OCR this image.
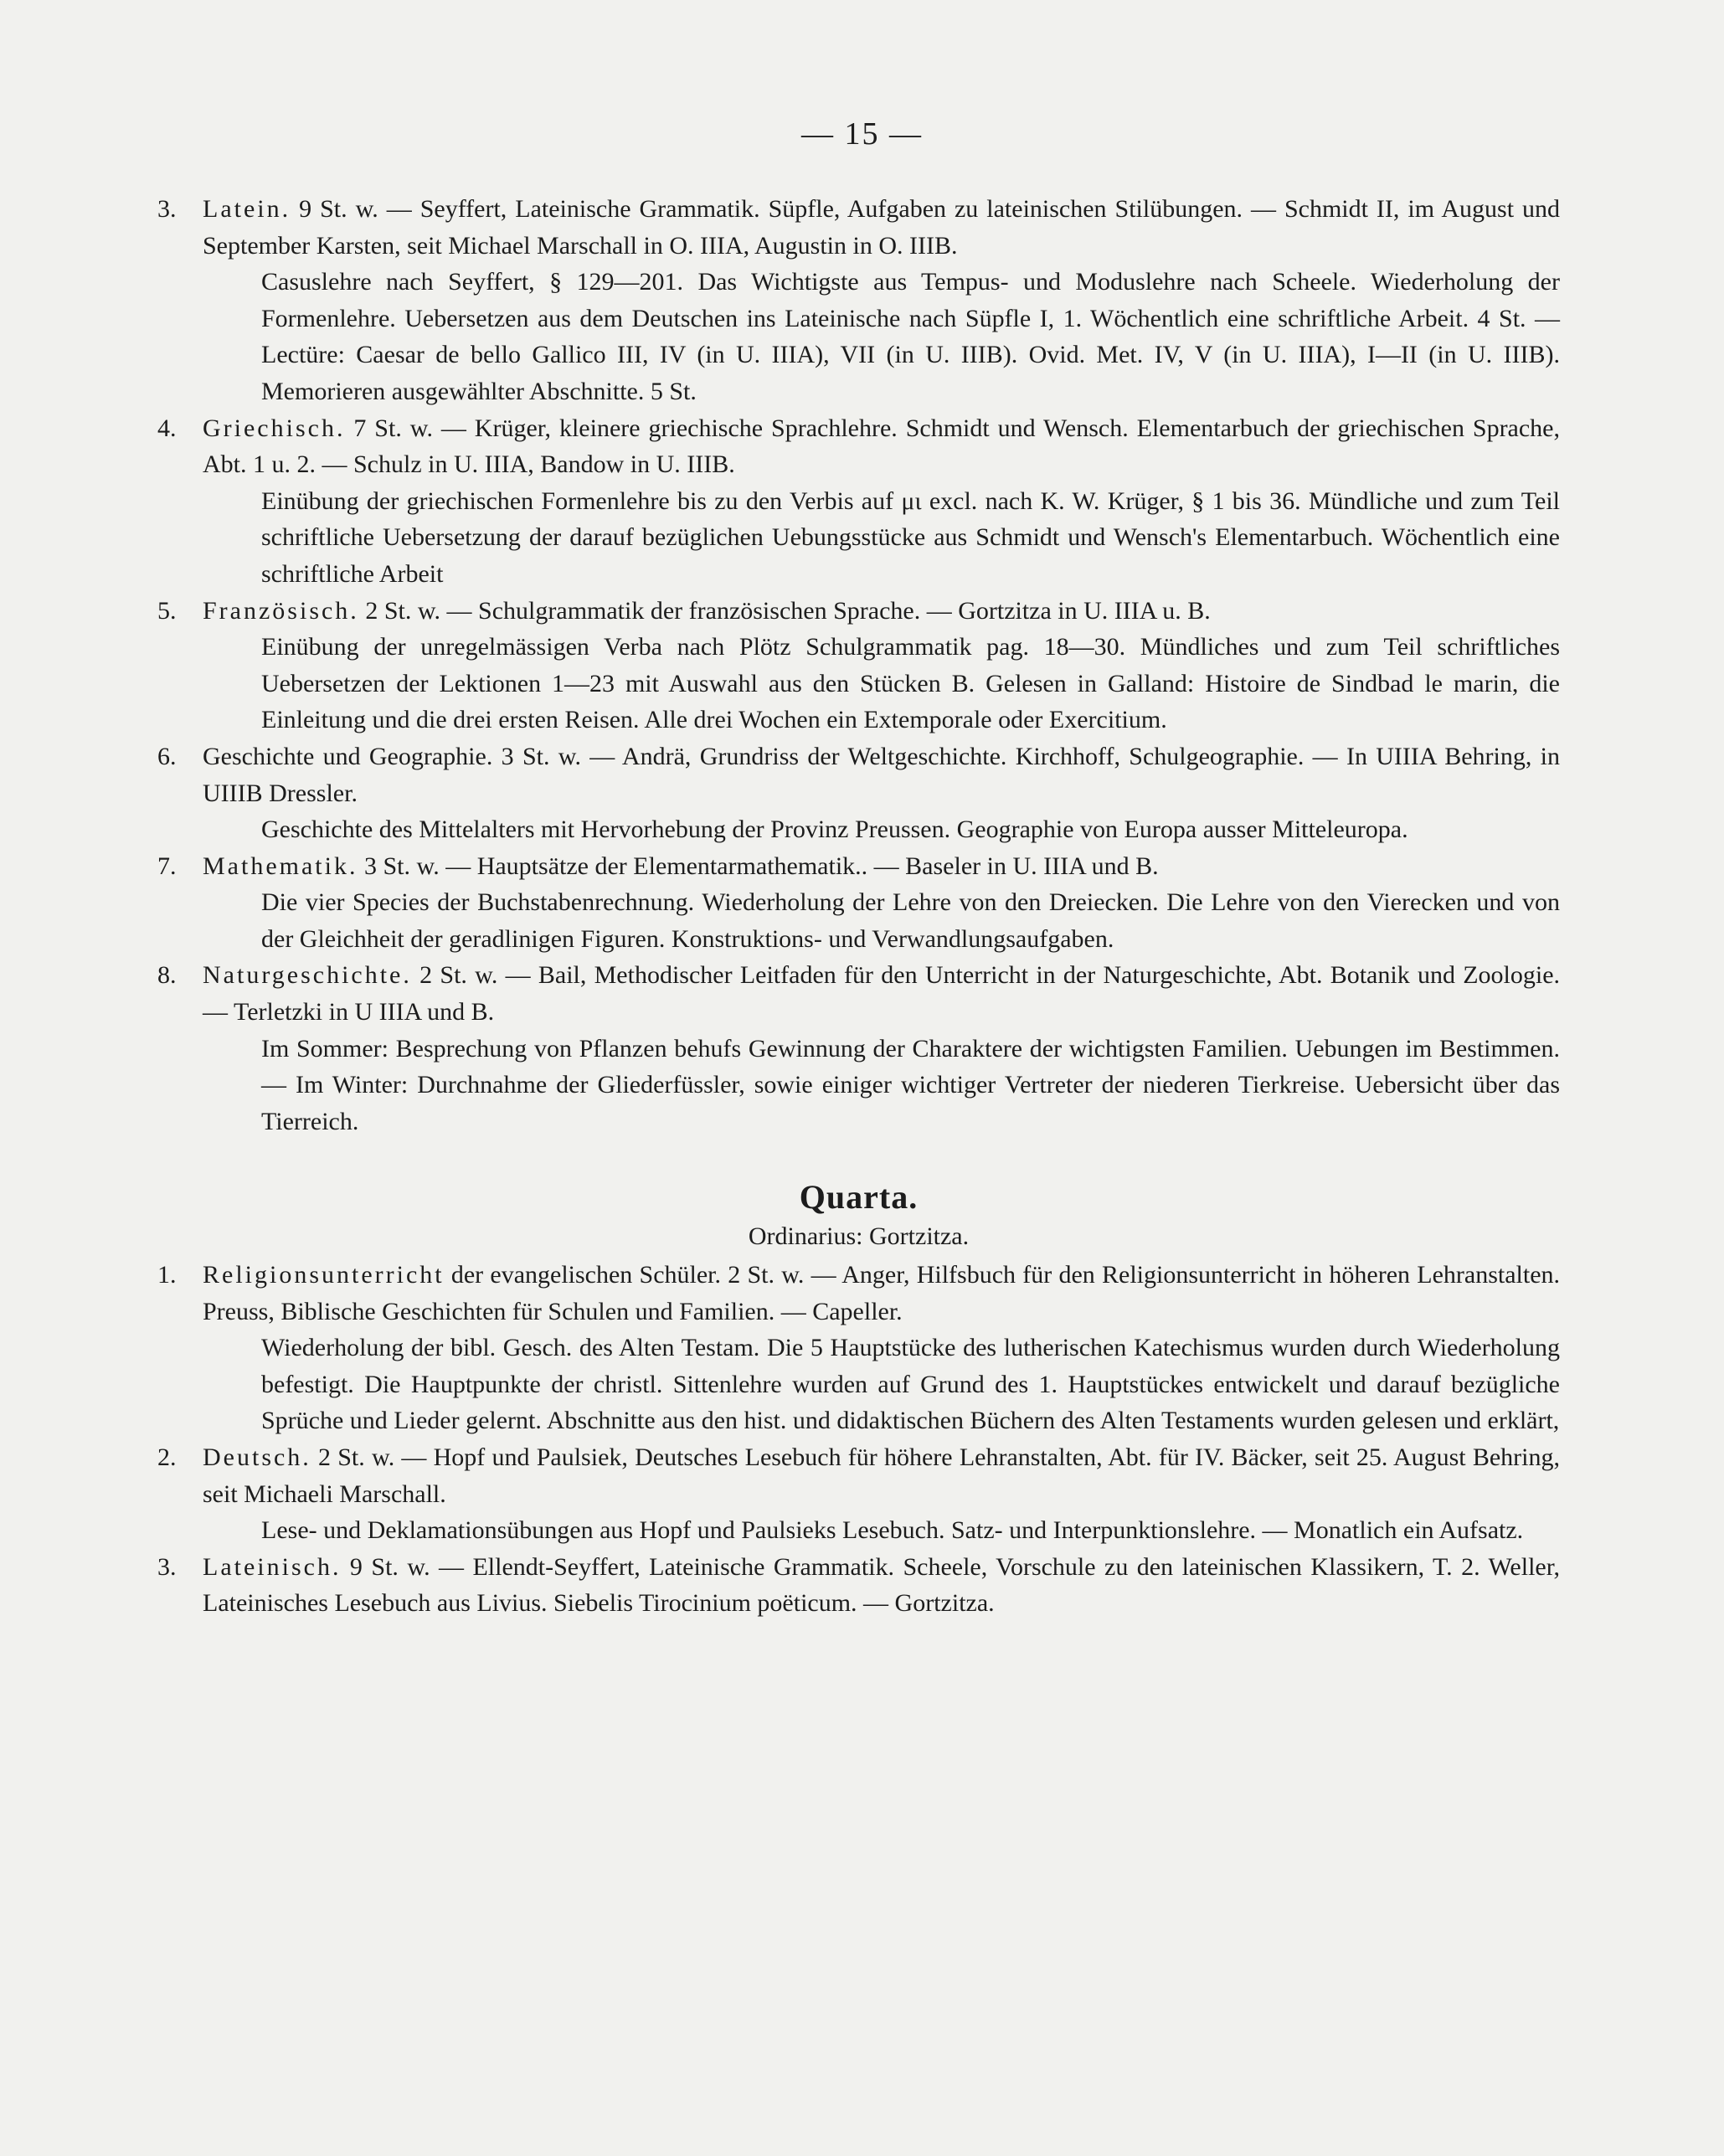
— 15 —
3. Latein. 9 St. w. — Seyffert, Lateinische Grammatik. Süpfle, Aufgaben zu lateinischen Stilübungen. — Schmidt II, im August und September Karsten, seit Michael Marschall in O. IIIA, Augustin in O. IIIB.
Casuslehre nach Seyffert, § 129—201. Das Wichtigste aus Tempus- und Moduslehre nach Scheele. Wiederholung der Formenlehre. Uebersetzen aus dem Deutschen ins Lateinische nach Süpfle I, 1. Wöchentlich eine schriftliche Arbeit. 4 St. — Lectüre: Caesar de bello Gallico III, IV (in U. IIIA), VII (in U. IIIB). Ovid. Met. IV, V (in U. IIIA), I—II (in U. IIIB). Memorieren ausgewählter Abschnitte. 5 St.
4. Griechisch. 7 St. w. — Krüger, kleinere griechische Sprachlehre. Schmidt und Wensch. Elementarbuch der griechischen Sprache, Abt. 1 u. 2. — Schulz in U. IIIA, Bandow in U. IIIB.
Einübung der griechischen Formenlehre bis zu den Verbis auf μι excl. nach K. W. Krüger, § 1 bis 36. Mündliche und zum Teil schriftliche Uebersetzung der darauf bezüglichen Uebungsstücke aus Schmidt und Wensch's Elementarbuch. Wöchentlich eine schriftliche Arbeit
5. Französisch. 2 St. w. — Schulgrammatik der französischen Sprache. — Gortzitza in U. IIIA u. B.
Einübung der unregelmässigen Verba nach Plötz Schulgrammatik pag. 18—30. Mündliches und zum Teil schriftliches Uebersetzen der Lektionen 1—23 mit Auswahl aus den Stücken B. Gelesen in Galland: Histoire de Sindbad le marin, die Einleitung und die drei ersten Reisen. Alle drei Wochen ein Extemporale oder Exercitium.
6. Geschichte und Geographie. 3 St. w. — Andrä, Grundriss der Weltgeschichte. Kirchhoff, Schulgeographie. — In UIIIA Behring, in UIIIB Dressler.
Geschichte des Mittelalters mit Hervorhebung der Provinz Preussen. Geographie von Europa ausser Mitteleuropa.
7. Mathematik. 3 St. w. — Hauptsätze der Elementarmathematik.. — Baseler in U. IIIA und B.
Die vier Species der Buchstabenrechnung. Wiederholung der Lehre von den Dreiecken. Die Lehre von den Vierecken und von der Gleichheit der geradlinigen Figuren. Konstruktions- und Verwandlungsaufgaben.
8. Naturgeschichte. 2 St. w. — Bail, Methodischer Leitfaden für den Unterricht in der Naturgeschichte, Abt. Botanik und Zoologie. — Terletzki in U IIIA und B.
Im Sommer: Besprechung von Pflanzen behufs Gewinnung der Charaktere der wichtigsten Familien. Uebungen im Bestimmen. — Im Winter: Durchnahme der Gliederfüssler, sowie einiger wichtiger Vertreter der niederen Tierkreise. Uebersicht über das Tierreich.
Quarta.
Ordinarius: Gortzitza.
1. Religionsunterricht der evangelischen Schüler. 2 St. w. — Anger, Hilfsbuch für den Religionsunterricht in höheren Lehranstalten. Preuss, Biblische Geschichten für Schulen und Familien. — Capeller.
Wiederholung der bibl. Gesch. des Alten Testam. Die 5 Hauptstücke des lutherischen Katechismus wurden durch Wiederholung befestigt. Die Hauptpunkte der christl. Sittenlehre wurden auf Grund des 1. Hauptstückes entwickelt und darauf bezügliche Sprüche und Lieder gelernt. Abschnitte aus den hist. und didaktischen Büchern des Alten Testaments wurden gelesen und erklärt,
2. Deutsch. 2 St. w. — Hopf und Paulsiek, Deutsches Lesebuch für höhere Lehranstalten, Abt. für IV. Bäcker, seit 25. August Behring, seit Michaeli Marschall.
Lese- und Deklamationsübungen aus Hopf und Paulsieks Lesebuch. Satz- und Interpunktionslehre. — Monatlich ein Aufsatz.
3. Lateinisch. 9 St. w. — Ellendt-Seyffert, Lateinische Grammatik. Scheele, Vorschule zu den lateinischen Klassikern, T. 2. Weller, Lateinisches Lesebuch aus Livius. Siebelis Tirocinium poëticum. — Gortzitza.
